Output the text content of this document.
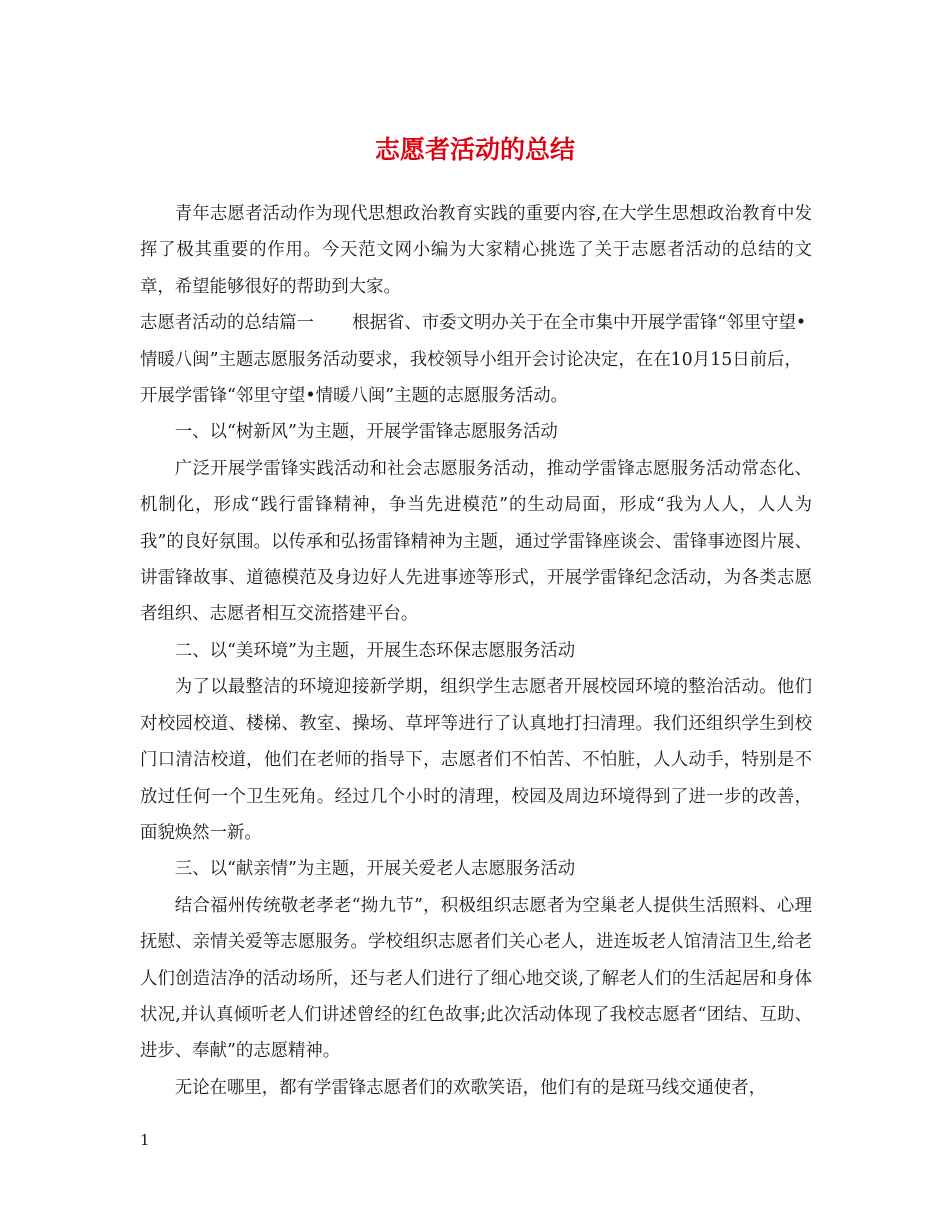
志愿者活动的总结

青年志愿者活动作为现代思想政治教育实践的重要内容,在大学生思想政治教育中发挥了极其重要的作用。今天范文网小编为大家精心挑选了关于志愿者活动的总结的文章，希望能够很好的帮助到大家。

志愿者活动的总结篇一 根据省、市委文明办关于在全市集中开展学雷锋“邻里守望•情暖八闽”主题志愿服务活动要求，我校领导小组开会讨论决定，在在10月15日前后，开展学雷锋“邻里守望•情暖八闽”主题的志愿服务活动。

一、以“树新风”为主题，开展学雷锋志愿服务活动

广泛开展学雷锋实践活动和社会志愿服务活动，推动学雷锋志愿服务活动常态化、机制化，形成“践行雷锋精神，争当先进模范”的生动局面，形成“我为人人，人人为我”的良好氛围。以传承和弘扬雷锋精神为主题，通过学雷锋座谈会、雷锋事迹图片展、讲雷锋故事、道德模范及身边好人先进事迹等形式，开展学雷锋纪念活动，为各类志愿者组织、志愿者相互交流搭建平台。

二、以“美环境”为主题，开展生态环保志愿服务活动

为了以最整洁的环境迎接新学期，组织学生志愿者开展校园环境的整治活动。他们对校园校道、楼梯、教室、操场、草坪等进行了认真地打扫清理。我们还组织学生到校门口清洁校道，他们在老师的指导下，志愿者们不怕苦、不怕脏，人人动手，特别是不放过任何一个卫生死角。经过几个小时的清理，校园及周边环境得到了进一步的改善，面貌焕然一新。

三、以“献亲情”为主题，开展关爱老人志愿服务活动

结合福州传统敬老孝老“拗九节”，积极组织志愿者为空巢老人提供生活照料、心理抚慰、亲情关爱等志愿服务。学校组织志愿者们关心老人，进连坂老人馆清洁卫生,给老人们创造洁净的活动场所，还与老人们进行了细心地交谈,了解老人们的生活起居和身体状况,并认真倾听老人们讲述曾经的红色故事;此次活动体现了我校志愿者“团结、互助、进步、奉献”的志愿精神。

无论在哪里，都有学雷锋志愿者们的欢歌笑语，他们有的是斑马线交通使者，

1
